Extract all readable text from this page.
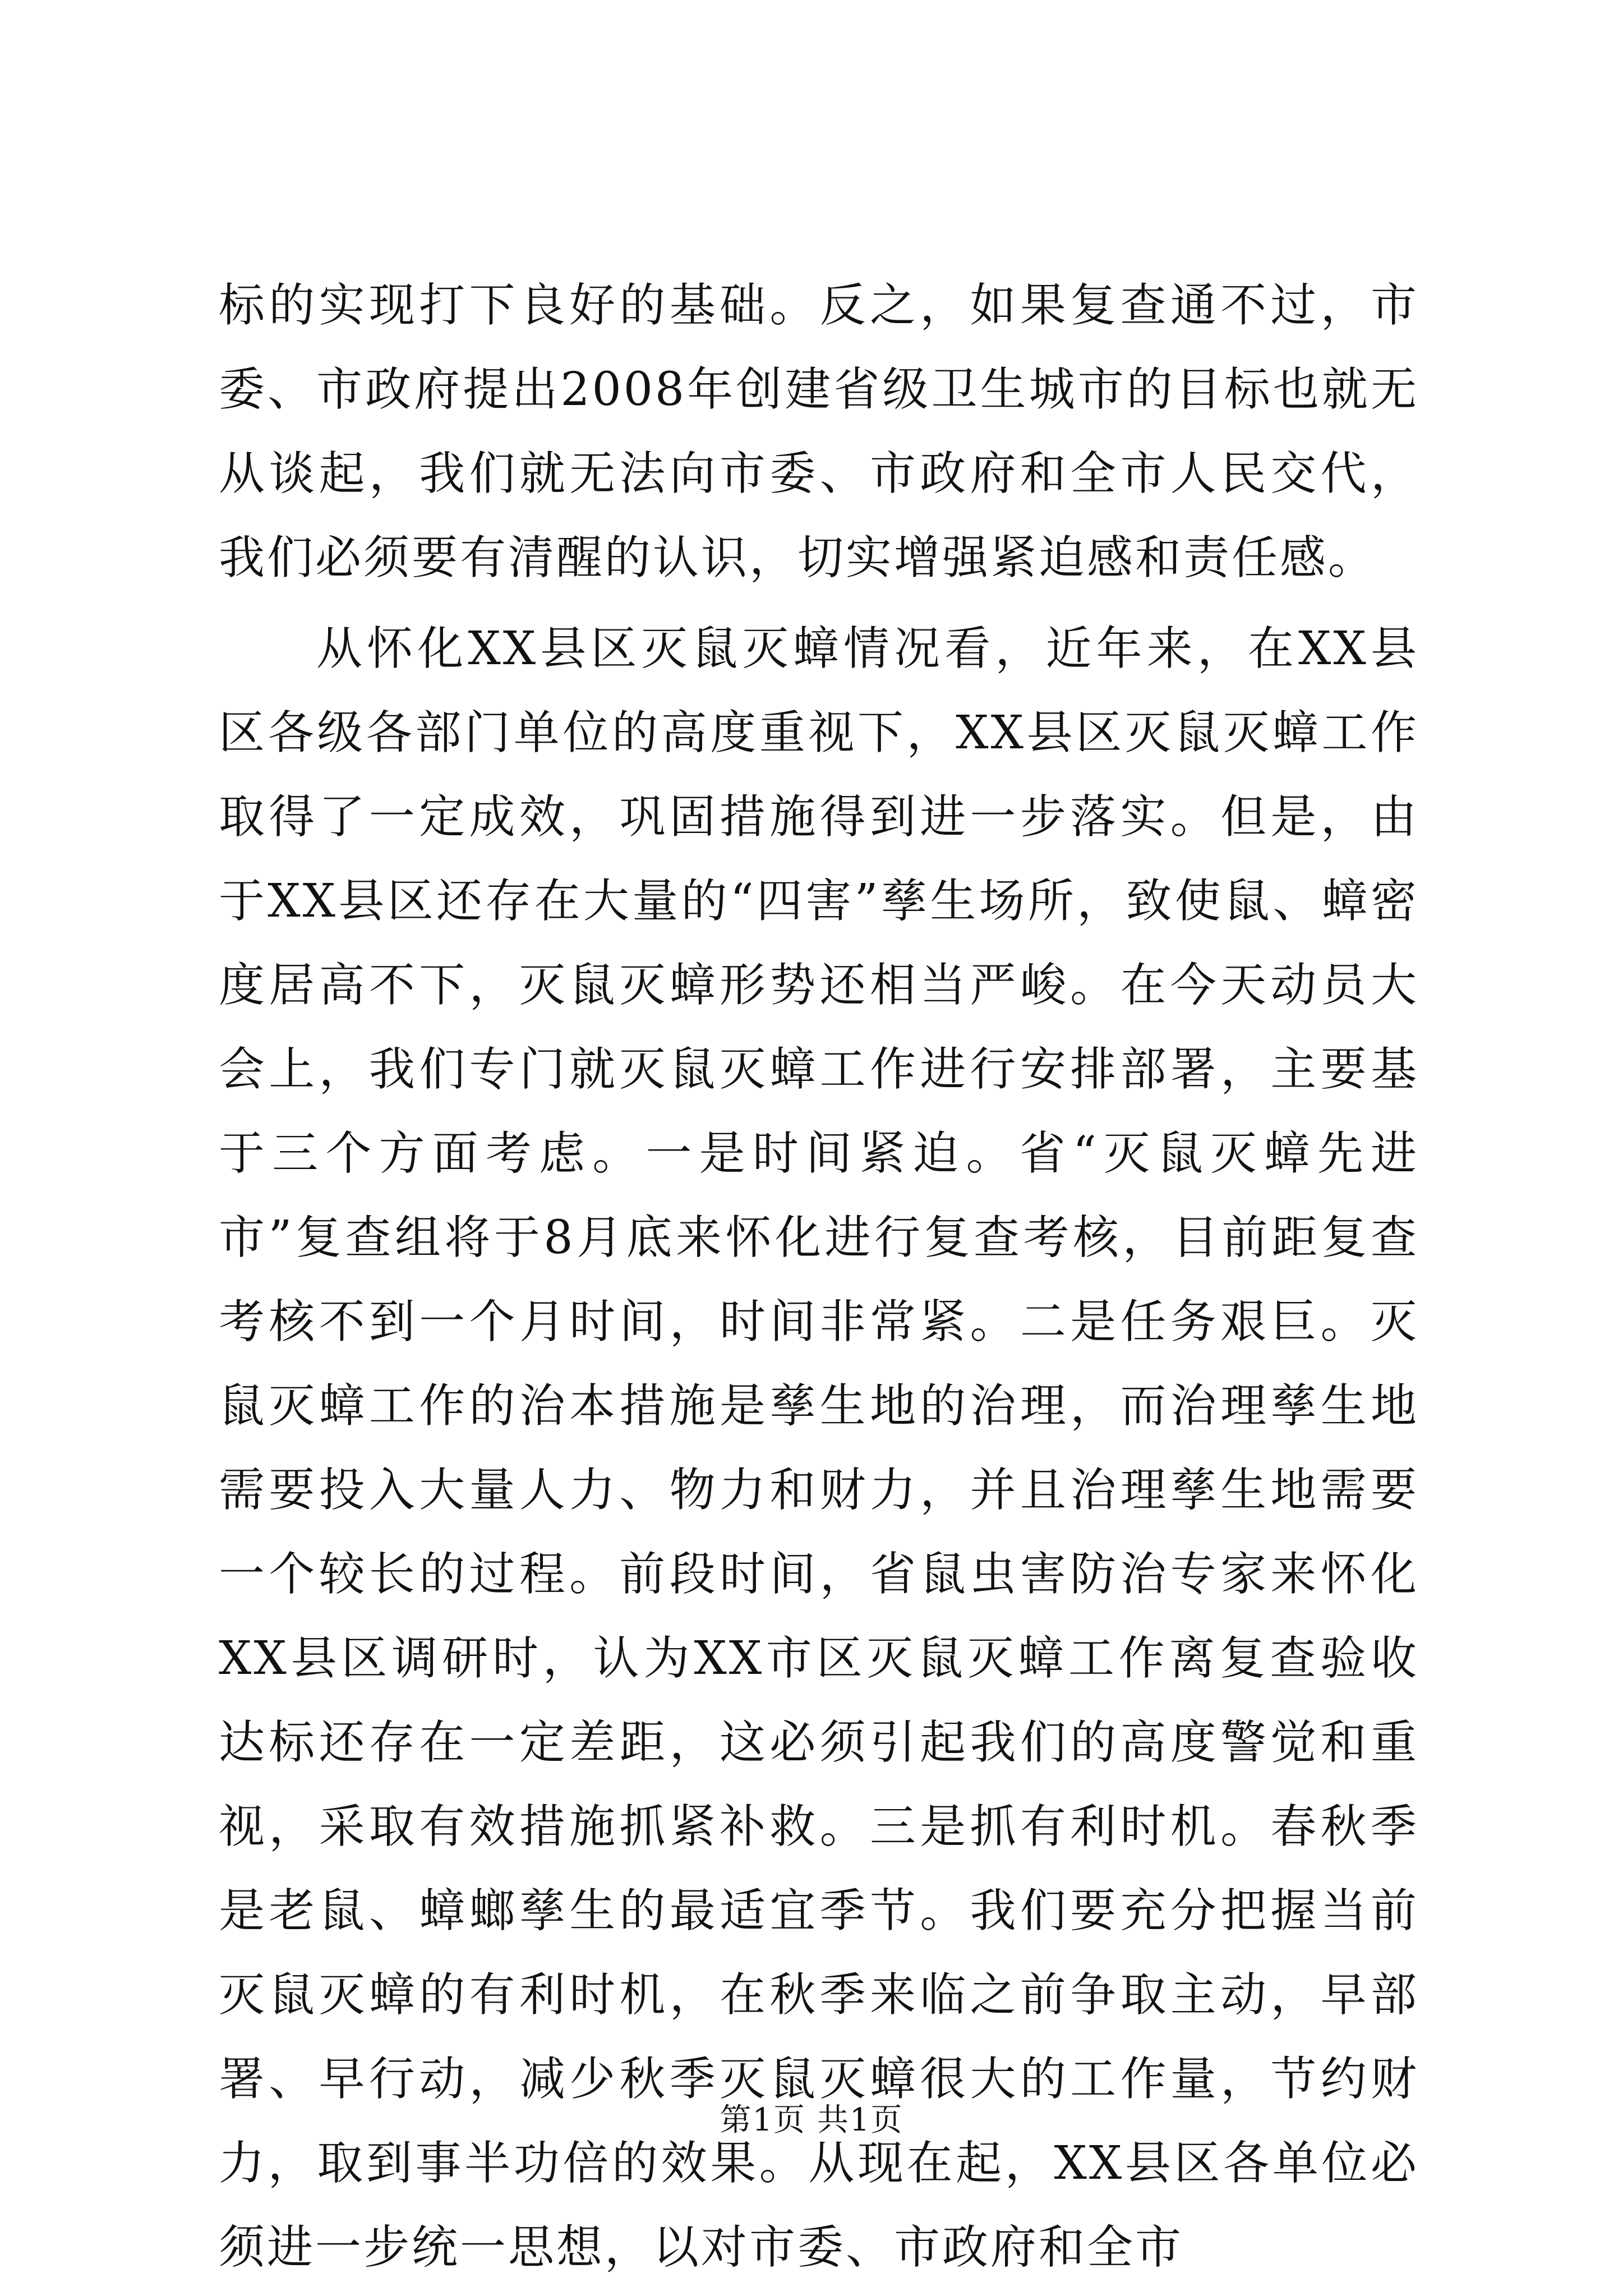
标的实现打下良好的基础。反之，如果复查通不过，市委、市政府提出2008年创建省级卫生城市的目标也就无从谈起，我们就无法向市委、市政府和全市人民交代，我们必须要有清醒的认识，切实增强紧迫感和责任感。

从怀化XX县区灭鼠灭蟑情况看，近年来，在XX县区各级各部门单位的高度重视下，XX县区灭鼠灭蟑工作取得了一定成效，巩固措施得到进一步落实。但是，由于XX县区还存在大量的“四害”孳生场所，致使鼠、蟑密度居高不下，灭鼠灭蟑形势还相当严峻。在今天动员大会上，我们专门就灭鼠灭蟑工作进行安排部署，主要基于三个方面考虑。一是时间紧迫。省“灭鼠灭蟑先进市”复查组将于8月底来怀化进行复查考核，目前距复查考核不到一个月时间，时间非常紧。二是任务艰巨。灭鼠灭蟑工作的治本措施是孳生地的治理，而治理孳生地需要投入大量人力、物力和财力，并且治理孳生地需要一个较长的过程。前段时间，省鼠虫害防治专家来怀化XX县区调研时，认为XX市区灭鼠灭蟑工作离复查验收达标还存在一定差距，这必须引起我们的高度警觉和重视，采取有效措施抓紧补救。三是抓有利时机。春秋季是老鼠、蟑螂孳生的最适宜季节。我们要充分把握当前灭鼠灭蟑的有利时机，在秋季来临之前争取主动，早部署、早行动，减少秋季灭鼠灭蟑很大的工作量，节约财力，取到事半功倍的效果。从现在起，XX县区各单位必须进一步统一思想，以对市委、市政府和全市

第1页 共1页
